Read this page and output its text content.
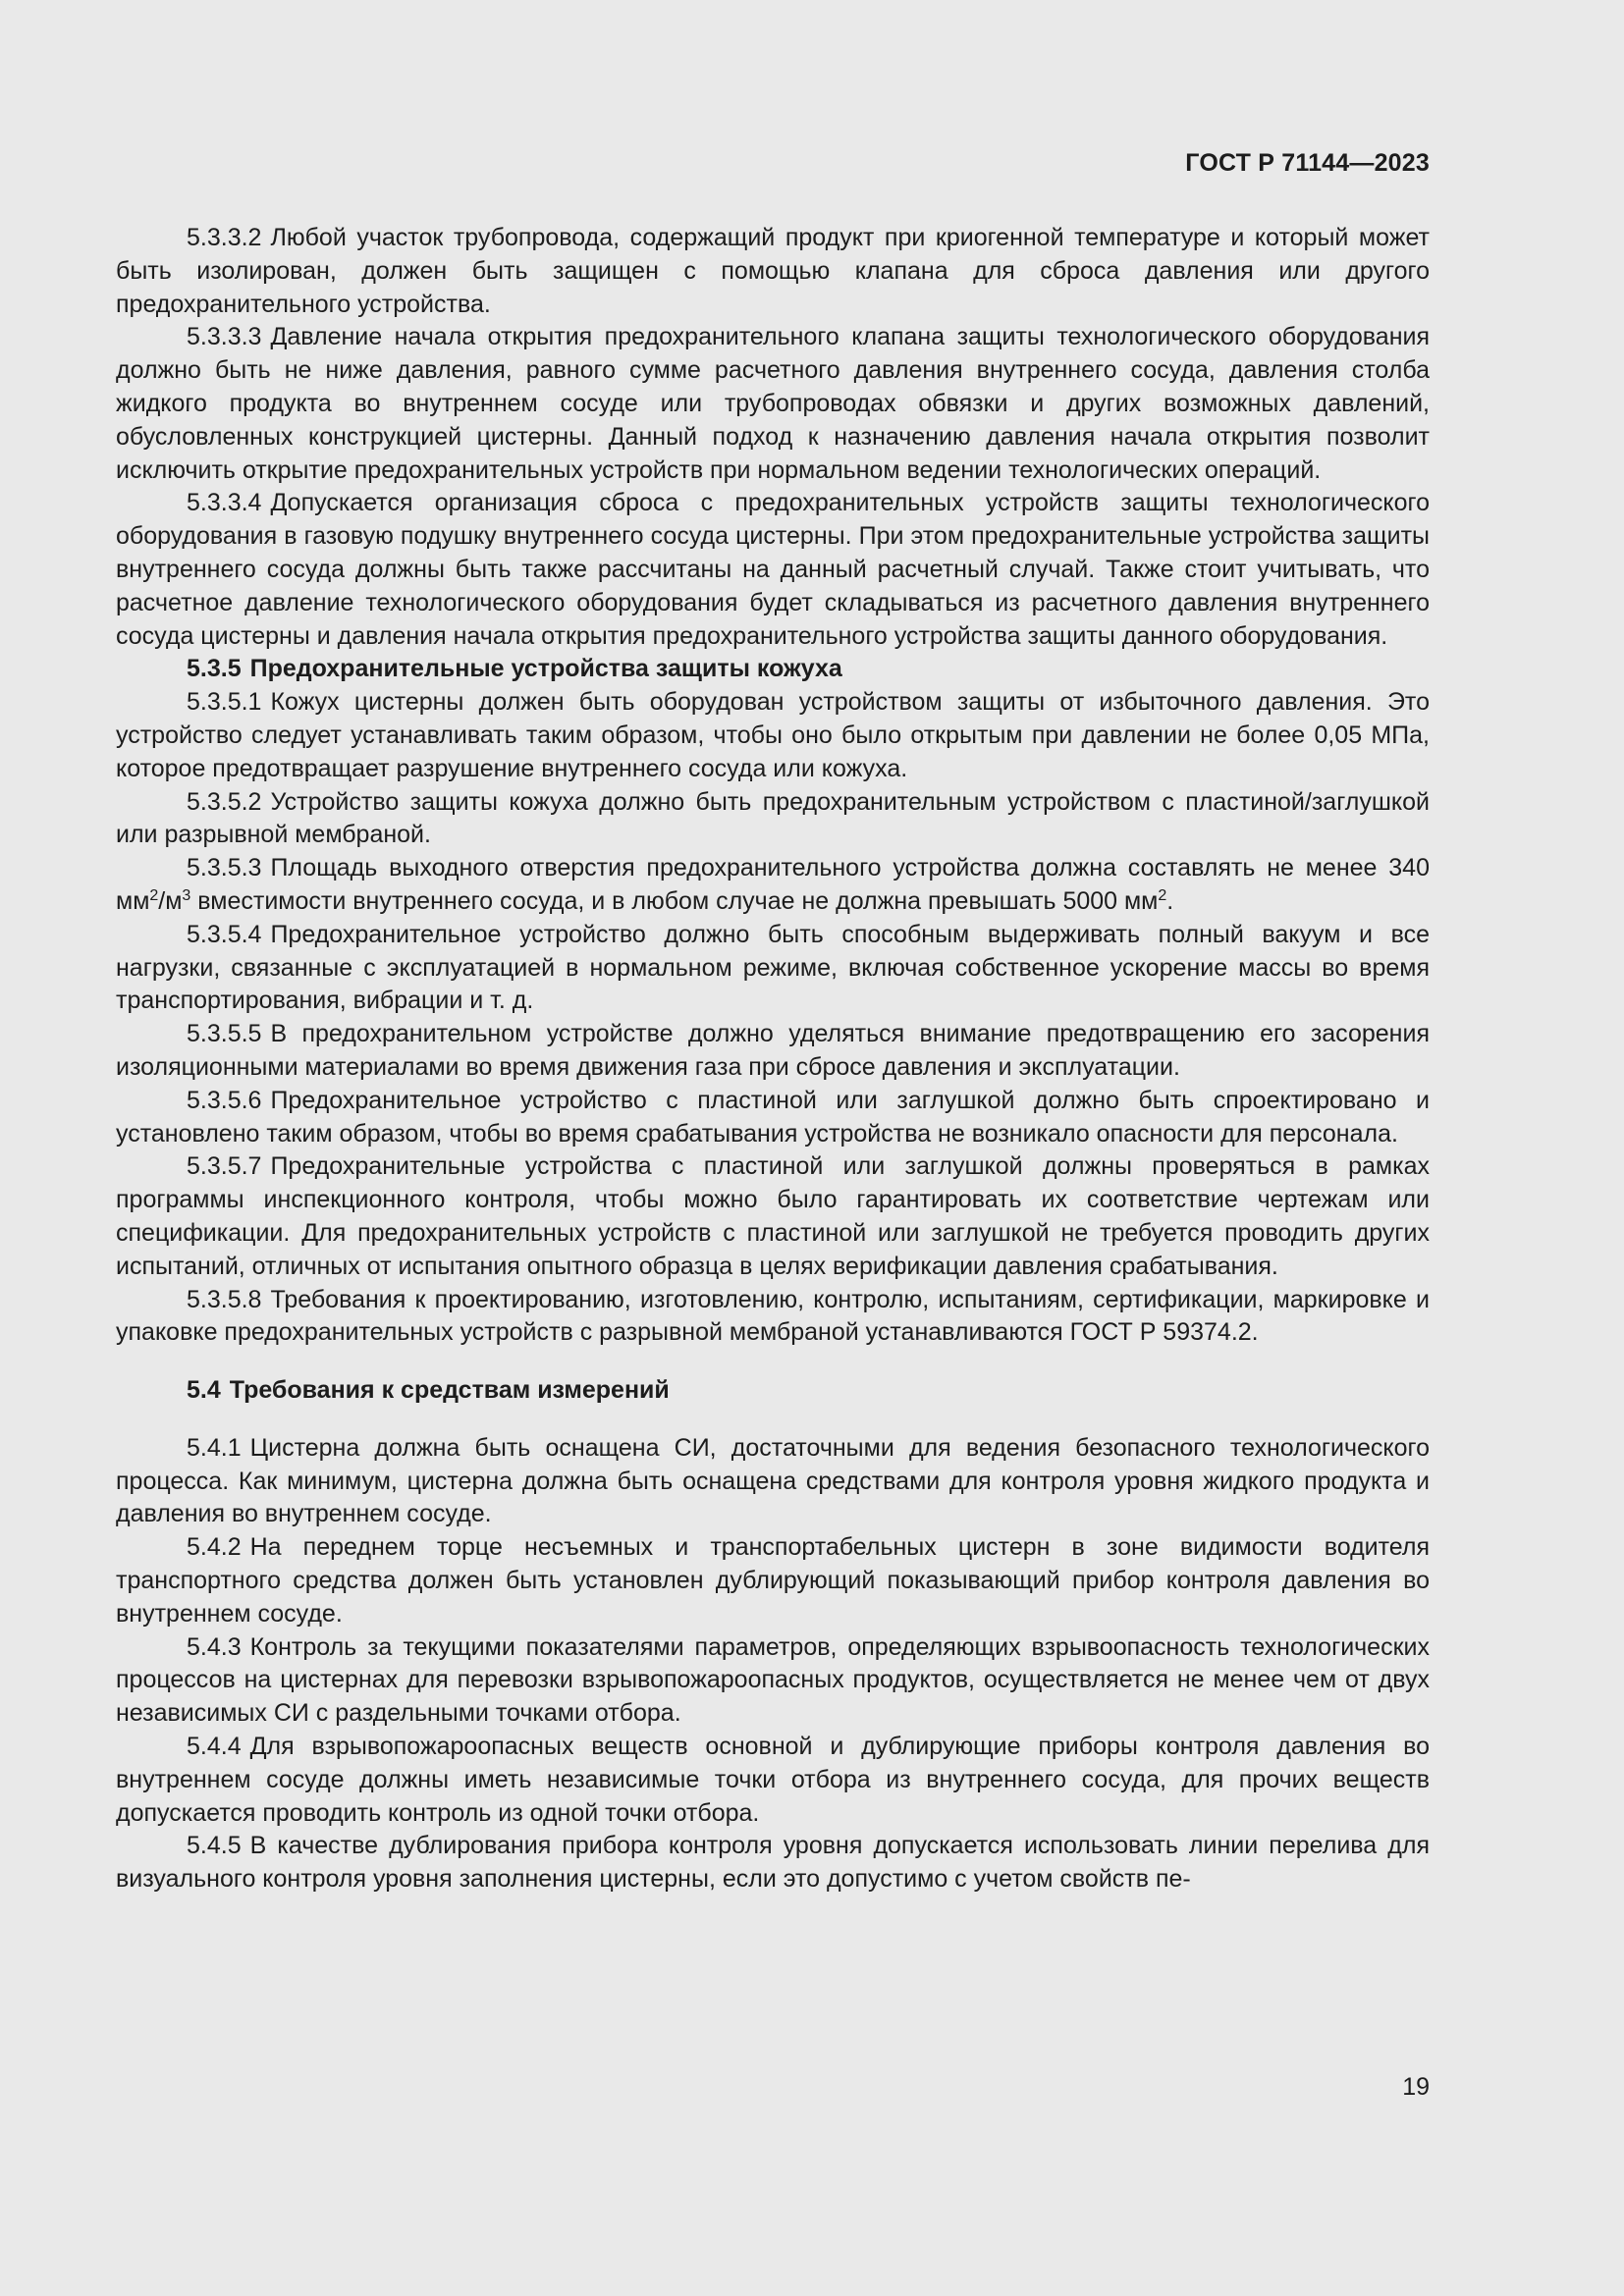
ГОСТ Р 71144—2023

5.3.3.2 Любой участок трубопровода, содержащий продукт при криогенной температуре и который может быть изолирован, должен быть защищен с помощью клапана для сброса давления или другого предохранительного устройства.

5.3.3.3 Давление начала открытия предохранительного клапана защиты технологического оборудования должно быть не ниже давления, равного сумме расчетного давления внутреннего сосуда, давления столба жидкого продукта во внутреннем сосуде или трубопроводах обвязки и других возможных давлений, обусловленных конструкцией цистерны. Данный подход к назначению давления начала открытия позволит исключить открытие предохранительных устройств при нормальном ведении технологических операций.

5.3.3.4 Допускается организация сброса с предохранительных устройств защиты технологического оборудования в газовую подушку внутреннего сосуда цистерны. При этом предохранительные устройства защиты внутреннего сосуда должны быть также рассчитаны на данный расчетный случай. Также стоит учитывать, что расчетное давление технологического оборудования будет складываться из расчетного давления внутреннего сосуда цистерны и давления начала открытия предохранительного устройства защиты данного оборудования.

5.3.5 Предохранительные устройства защиты кожуха

5.3.5.1 Кожух цистерны должен быть оборудован устройством защиты от избыточного давления. Это устройство следует устанавливать таким образом, чтобы оно было открытым при давлении не более 0,05 МПа, которое предотвращает разрушение внутреннего сосуда или кожуха.

5.3.5.2 Устройство защиты кожуха должно быть предохранительным устройством с пластиной/заглушкой или разрывной мембраной.

5.3.5.3 Площадь выходного отверстия предохранительного устройства должна составлять не менее 340 $мм^2/м^3$ вместимости внутреннего сосуда, и в любом случае не должна превышать 5000 $мм^2$.

5.3.5.4 Предохранительное устройство должно быть способным выдерживать полный вакуум и все нагрузки, связанные с эксплуатацией в нормальном режиме, включая собственное ускорение массы во время транспортирования, вибрации и т. д.

5.3.5.5 В предохранительном устройстве должно уделяться внимание предотвращению его засорения изоляционными материалами во время движения газа при сбросе давления и эксплуатации.

5.3.5.6 Предохранительное устройство с пластиной или заглушкой должно быть спроектировано и установлено таким образом, чтобы во время срабатывания устройства не возникало опасности для персонала.

5.3.5.7 Предохранительные устройства с пластиной или заглушкой должны проверяться в рамках программы инспекционного контроля, чтобы можно было гарантировать их соответствие чертежам или спецификации. Для предохранительных устройств с пластиной или заглушкой не требуется проводить других испытаний, отличных от испытания опытного образца в целях верификации давления срабатывания.

5.3.5.8 Требования к проектированию, изготовлению, контролю, испытаниям, сертификации, маркировке и упаковке предохранительных устройств с разрывной мембраной устанавливаются ГОСТ Р 59374.2.

5.4 Требования к средствам измерений

5.4.1 Цистерна должна быть оснащена СИ, достаточными для ведения безопасного технологического процесса. Как минимум, цистерна должна быть оснащена средствами для контроля уровня жидкого продукта и давления во внутреннем сосуде.

5.4.2 На переднем торце несъемных и транспортабельных цистерн в зоне видимости водителя транспортного средства должен быть установлен дублирующий показывающий прибор контроля давления во внутреннем сосуде.

5.4.3 Контроль за текущими показателями параметров, определяющих взрывоопасность технологических процессов на цистернах для перевозки взрывопожароопасных продуктов, осуществляется не менее чем от двух независимых СИ с раздельными точками отбора.

5.4.4 Для взрывопожароопасных веществ основной и дублирующие приборы контроля давления во внутреннем сосуде должны иметь независимые точки отбора из внутреннего сосуда, для прочих веществ допускается проводить контроль из одной точки отбора.

5.4.5 В качестве дублирования прибора контроля уровня допускается использовать линии перелива для визуального контроля уровня заполнения цистерны, если это допустимо с учетом свойств пе-

19
